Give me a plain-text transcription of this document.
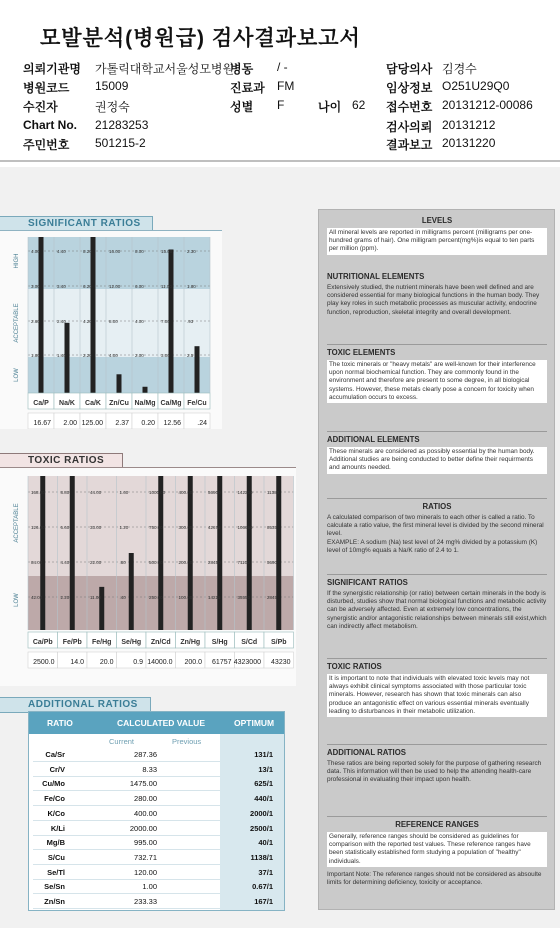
모발분석(병원급) 검사결과보고서
의뢰기관명 가톨릭대학교서울성모병원
병원코드 15009
수진자	권정숙
Chart No. 21283253
주민번호 501215-2
병동 / -
진료과 FM
성별 F	나이 62
담당의사 김경수
임상정보 O251U29Q0
접수번호 20131212-00086
검사의뢰 20131212
결과보고 20131220
SIGNIFICANT RATIOS
HIGH
ACCEPTABLE
LOW
4.00
3.00
2.60
1.80
Ca/P
16.67
4.40
3.40
2.40
1.40
Na/K
2.00
8.20
6.20
4.20
2.20
Ca/K
125.00
16.00
12.00
8.00
4.00
Zn/Cu
2.37
8.00
6.00
4.00
2.00
Na/Mg
0.20
15.00
11.00
7.00
3.00
Ca/Mg
12.56
2.30
1.80
.93
2.5
Fe/Cu
.24
TOXIC RATIOS
ACCEPTABLE
LOW
168.00
126.00
84.00
42.00
Ca/Pb
2500.0
8.80
6.60
4.40
2.20
Fe/Pb
14.0
44.00
33.00
22.00
11.00
Fe/Hg
20.0
1.60
1.20
.80
.40
Se/Hg
0.9
1000.00
750.00
500.00
250.00
Zn/Cd
14000.0
400.00
300.00
200.00
100.00
Zn/Hg
200.0
56900
42675
28450
14225
S/Hg
61757
142200
106650
71100
35550
S/Cd
4323000
11380
8535
5690
2845
S/Pb
43230
ADDITIONAL RATIOS
RATIO	CALCULATED VALUE	OPTIMUM
Current	Previous
Ca/Sr	287.36	131/1
Cr/V	8.33	13/1
Cu/Mo	1475.00	625/1
Fe/Co	280.00	440/1
K/Co	400.00	2000/1
K/Li	2000.00	2500/1
Mg/B	995.00	40/1
S/Cu	732.71	1138/1
Se/Tl	120.00	37/1
Se/Sn	1.00	0.67/1
Zn/Sn	233.33	167/1
LEVELS

All mineral levels are reported in milligrams percent (milligrams per one-hundred grams of hair). One milligram percent(mg%)is equal to ten parts per million (ppm).

NUTRITIONAL ELEMENTS

Extensively studied, the nutrient minerals have been well defined and are considered essential for many biological functions in the human body. They play key roles in such metabolic processes as muscular activity, endocrine function, reproduction, skeletal integrity and overall development.

TOXIC ELEMENTS

The toxic minerals or "heavy metals" are well-known for their interference upon normal biochemical function. They are commonly found in the environment and therefore are present to some degree, in all biological systems. However, these metals clearly pose a concern for toxicity when accumulation occurs to excess.

ADDITIONAL ELEMENTS

These minerals are considered as possibly essential by the human body. Additional studies are being conducted to better define their requirments and amounts needed.

RATIOS

A calculated comparison of two minerals to each other is called a ratio. To calculate a ratio value, the first mineral level is divided by the second mineral level.

EXAMPLE: A sodium (Na) test level of 24 mg% divided by a potassium (K) level of 10mg% equals a Na/K ratio of 2.4 to 1.

SIGNIFICANT RATIOS

If the synergistic relationship (or ratio) between certain minerals in the body is disturbed, studies show that normal biological functions and metabolic activity can be adversely affected. Even at extremely low concentrations, the synergistic and/or antagonistic relationships between minerals still exist,which can indirectly affect metabolism.

TOXIC RATIOS

It is important to note that individuals with elevated toxic levels may not always exhibit clinical symptoms associated with those particular toxic minerals. However, research has shown that toxic minerals can also produce an antagonistic effect on various essential minerals eventually leading to disturbances in their metabolic utilization.

ADDITIONAL RATIOS

These ratios are being reported solely for the purpose of gathering research data. This information will then be used to help the attending health-care professional in evaluating their impact upon health.

REFERENCE RANGES

Generally, reference ranges should be considered as guidelines for comparison with the reported test values. These reference ranges have been statistically established form studying a population of "healthy" individuals.

Important Note: The reference ranges should not be considered as absoulte limits for determining deficiency, toxicity or acceptance.
